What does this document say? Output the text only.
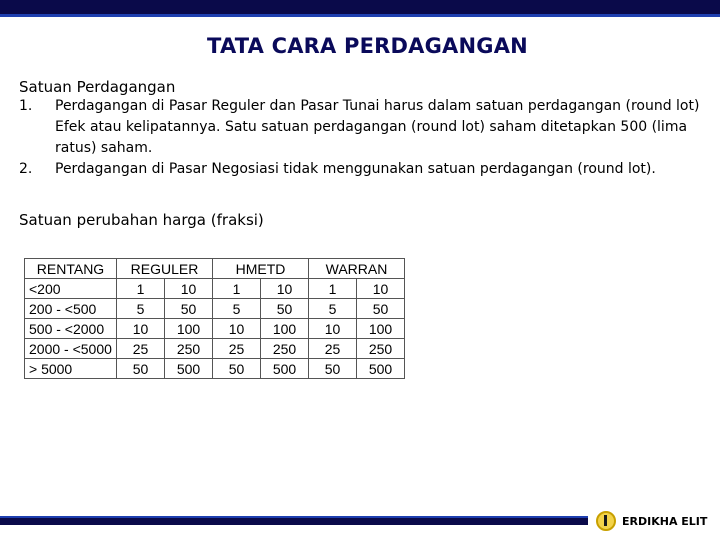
TATA CARA PERDAGANGAN
Satuan Perdagangan
1. Perdagangan di Pasar Reguler dan Pasar Tunai harus dalam satuan perdagangan (round lot) Efek atau kelipatannya. Satu satuan perdagangan (round lot) saham ditetapkan 500 (lima ratus) saham.
2. Perdagangan di Pasar Negosiasi tidak menggunakan satuan perdagangan (round lot).
Satuan perubahan harga (fraksi)
RENTANG	REGULER		HMETD		WARRAN	
<200	1	10	1	10	1	10
200 - <500	5	50	5	50	5	50
500 - <2000	10	100	10	100	10	100
2000 - <5000	25	250	25	250	25	250
> 5000	50	500	50	500	50	500
ERDIKHA ELIT
